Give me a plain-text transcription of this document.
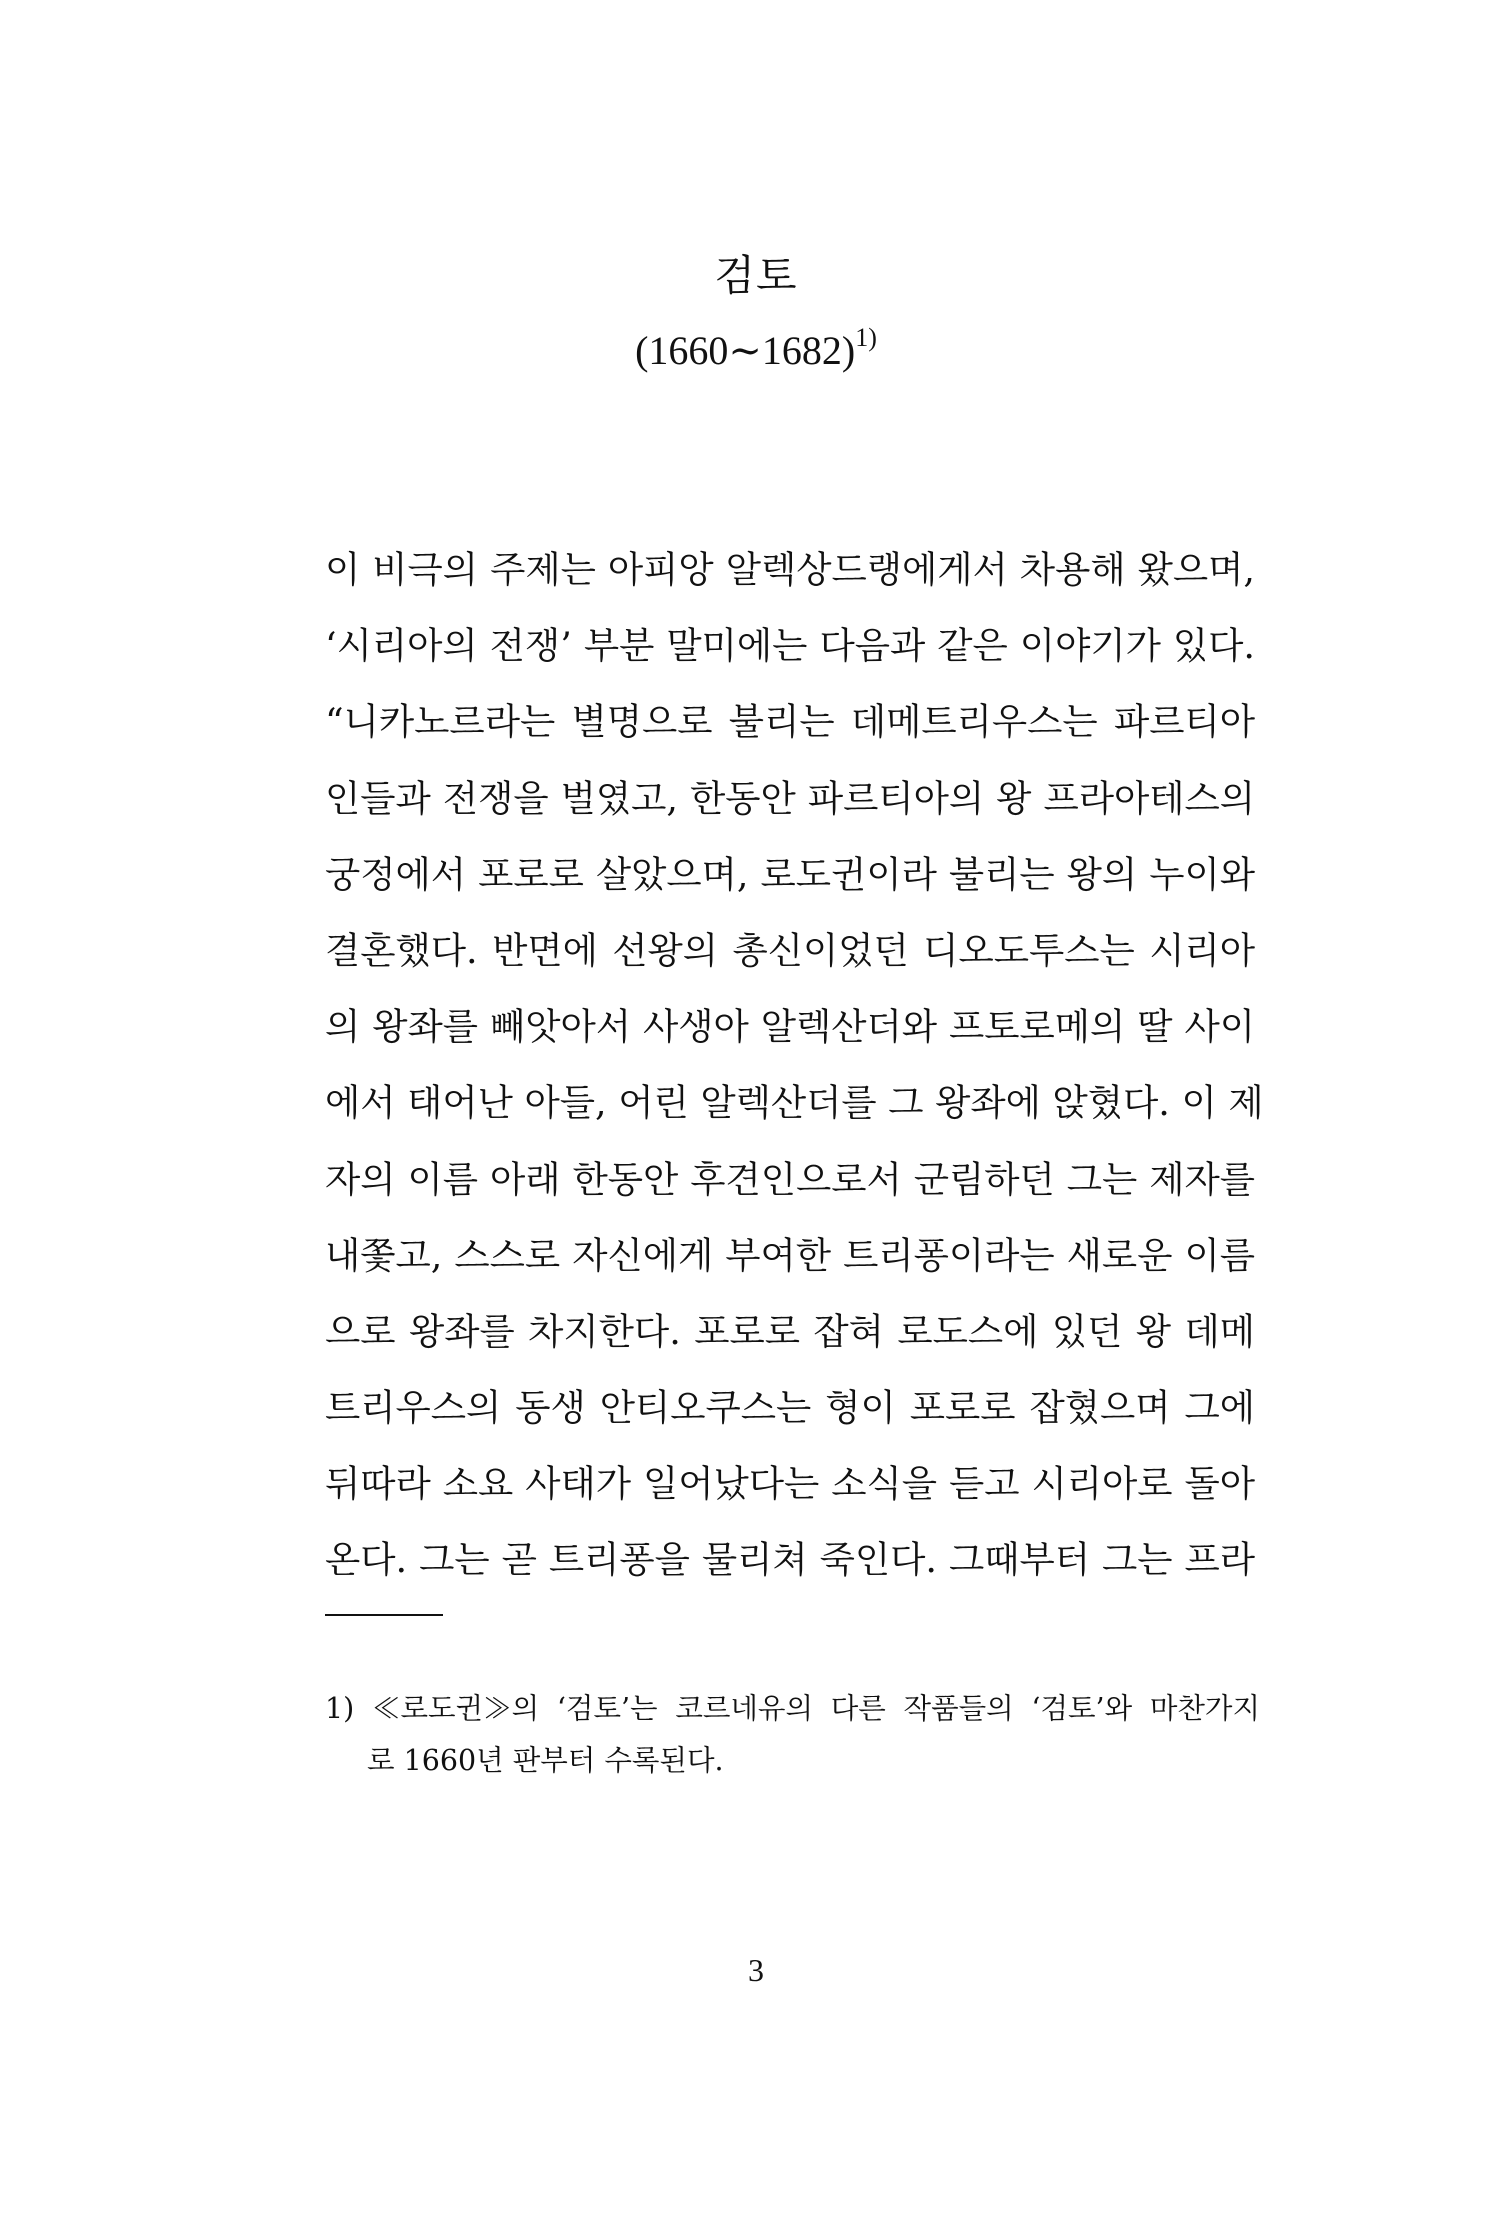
검토
(1660∼1682)$^{1)}$
이 비극의 주제는 아피앙 알렉상드랭에게서 차용해 왔으며,
‘시리아의 전쟁’ 부분 말미에는 다음과 같은 이야기가 있다.
“니카노르라는 별명으로 불리는 데메트리우스는 파르티아
인들과 전쟁을 벌였고, 한동안 파르티아의 왕 프라아테스의
궁정에서 포로로 살았으며, 로도귄이라 불리는 왕의 누이와
결혼했다. 반면에 선왕의 총신이었던 디오도투스는 시리아
의 왕좌를 빼앗아서 사생아 알렉산더와 프토로메의 딸 사이
에서 태어난 아들, 어린 알렉산더를 그 왕좌에 앉혔다. 이 제
자의 이름 아래 한동안 후견인으로서 군림하던 그는 제자를
내쫓고, 스스로 자신에게 부여한 트리퐁이라는 새로운 이름
으로 왕좌를 차지한다. 포로로 잡혀 로도스에 있던 왕 데메
트리우스의 동생 안티오쿠스는 형이 포로로 잡혔으며 그에
뒤따라 소요 사태가 일어났다는 소식을 듣고 시리아로 돌아
온다. 그는 곧 트리퐁을 물리쳐 죽인다. 그때부터 그는 프라
1) ≪로도귄≫의 ‘검토’는 코르네유의 다른 작품들의 ‘검토’와 마찬가지
로 1660년 판부터 수록된다.
3
